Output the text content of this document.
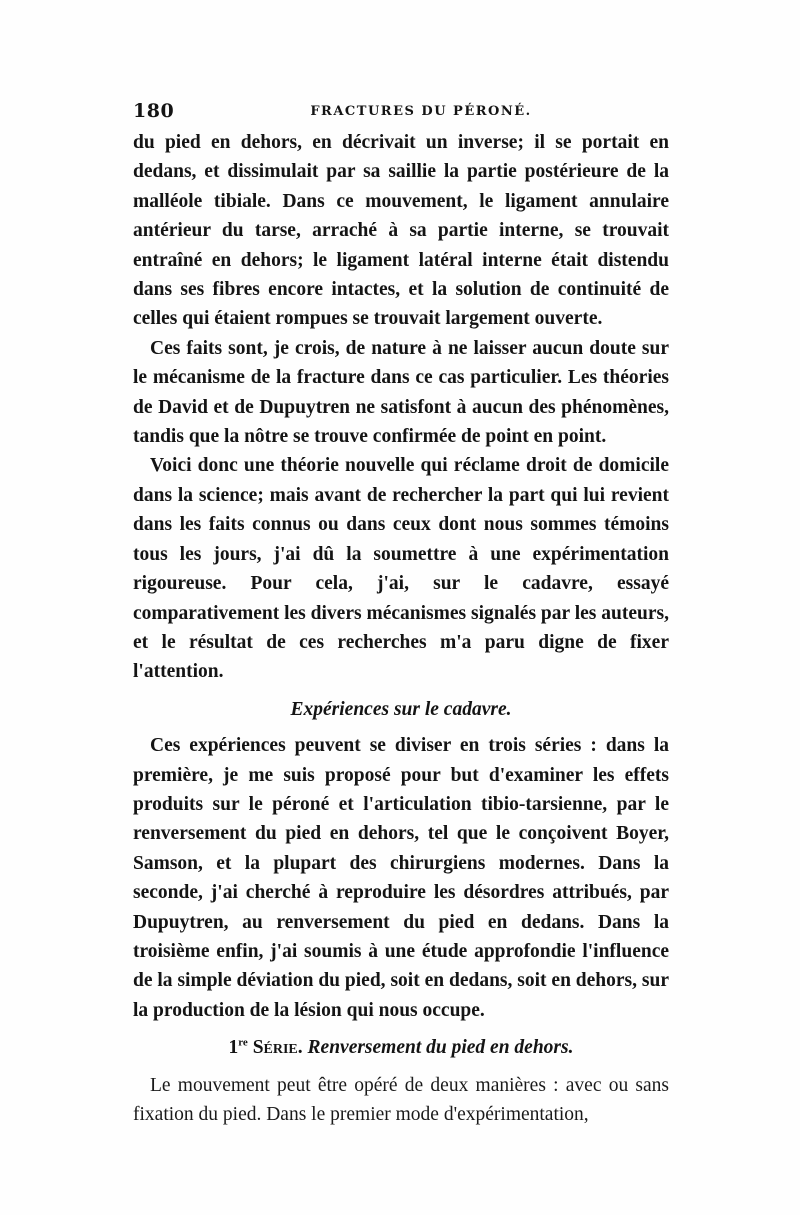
180	FRACTURES DU PÉRONÉ.

du pied en dehors, en décrivait un inverse; il se portait en dedans, et dissimulait par sa saillie la partie postérieure de la malléole tibiale. Dans ce mouvement, le ligament annulaire antérieur du tarse, arraché à sa partie interne, se trouvait entraîné en dehors; le ligament latéral interne était distendu dans ses fibres encore intactes, et la solution de continuité de celles qui étaient rompues se trouvait largement ouverte.

Ces faits sont, je crois, de nature à ne laisser aucun doute sur le mécanisme de la fracture dans ce cas particulier. Les théories de David et de Dupuytren ne satisfont à aucun des phénomènes, tandis que la nôtre se trouve confirmée de point en point.

Voici donc une théorie nouvelle qui réclame droit de domicile dans la science; mais avant de rechercher la part qui lui revient dans les faits connus ou dans ceux dont nous sommes témoins tous les jours, j'ai dû la soumettre à une expérimentation rigoureuse. Pour cela, j'ai, sur le cadavre, essayé comparativement les divers mécanismes signalés par les auteurs, et le résultat de ces recherches m'a paru digne de fixer l'attention.

Expériences sur le cadavre.

Ces expériences peuvent se diviser en trois séries : dans la première, je me suis proposé pour but d'examiner les effets produits sur le péroné et l'articulation tibio-tarsienne, par le renversement du pied en dehors, tel que le conçoivent Boyer, Samson, et la plupart des chirurgiens modernes. Dans la seconde, j'ai cherché à reproduire les désordres attribués, par Dupuytren, au renversement du pied en dedans. Dans la troisième enfin, j'ai soumis à une étude approfondie l'influence de la simple déviation du pied, soit en dedans, soit en dehors, sur la production de la lésion qui nous occupe.

1re Série. Renversement du pied en dehors.

Le mouvement peut être opéré de deux manières : avec ou sans fixation du pied. Dans le premier mode d'expérimentation,
